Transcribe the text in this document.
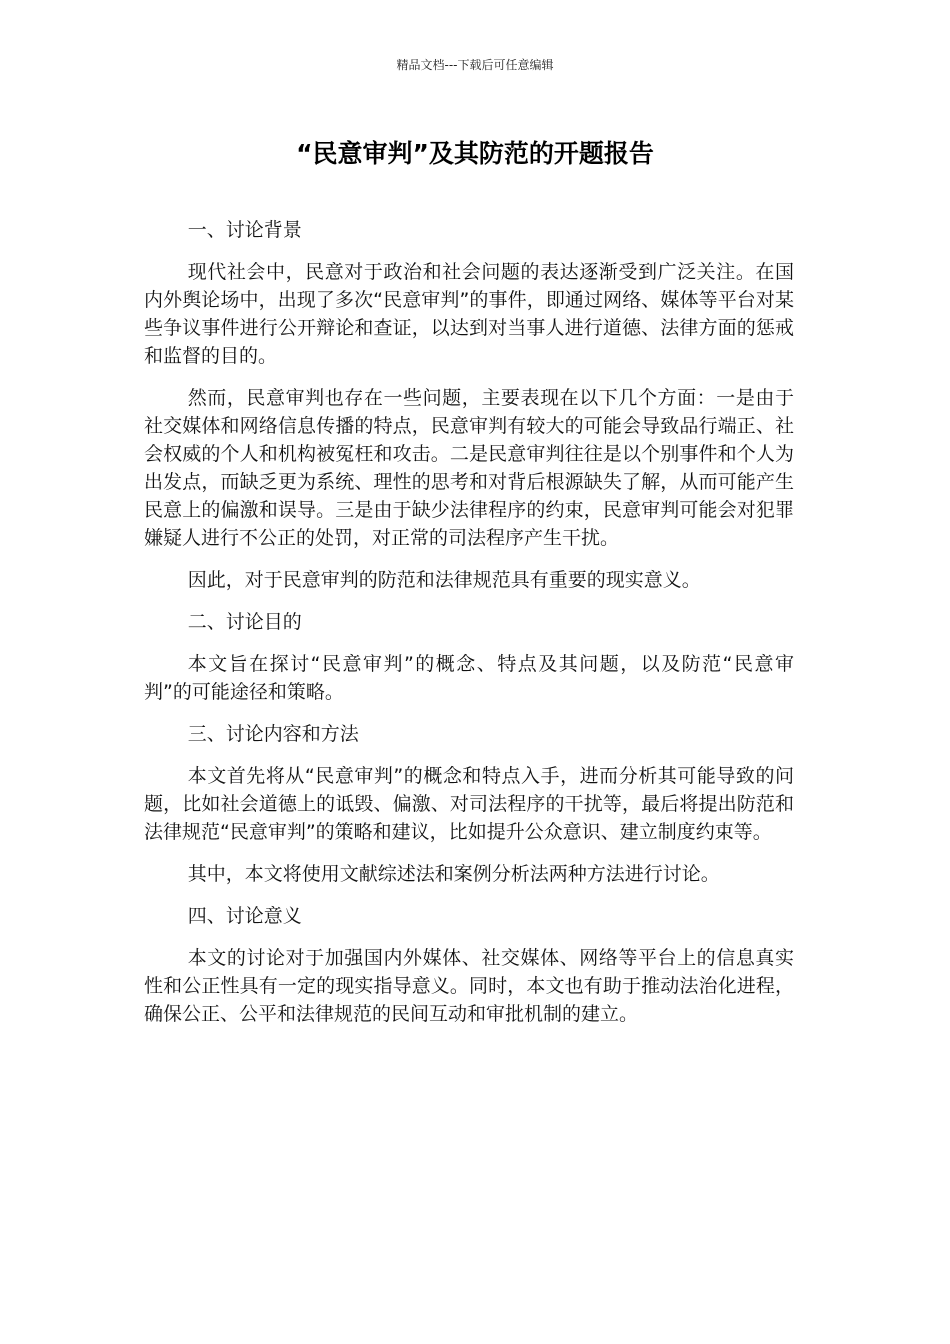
精品文档---下载后可任意编辑
“民意审判”及其防范的开题报告

一、讨论背景

现代社会中，民意对于政治和社会问题的表达逐渐受到广泛关注。在国内外舆论场中，出现了多次“民意审判”的事件，即通过网络、媒体等平台对某些争议事件进行公开辩论和查证，以达到对当事人进行道德、法律方面的惩戒和监督的目的。

然而，民意审判也存在一些问题，主要表现在以下几个方面：一是由于社交媒体和网络信息传播的特点，民意审判有较大的可能会导致品行端正、社会权威的个人和机构被冤枉和攻击。二是民意审判往往是以个别事件和个人为出发点，而缺乏更为系统、理性的思考和对背后根源缺失了解，从而可能产生民意上的偏激和误导。三是由于缺少法律程序的约束，民意审判可能会对犯罪嫌疑人进行不公正的处罚，对正常的司法程序产生干扰。

因此，对于民意审判的防范和法律规范具有重要的现实意义。

二、讨论目的

本文旨在探讨“民意审判”的概念、特点及其问题，以及防范“民意审判”的可能途径和策略。

三、讨论内容和方法

本文首先将从“民意审判”的概念和特点入手，进而分析其可能导致的问题，比如社会道德上的诋毁、偏激、对司法程序的干扰等，最后将提出防范和法律规范“民意审判”的策略和建议，比如提升公众意识、建立制度约束等。

其中，本文将使用文献综述法和案例分析法两种方法进行讨论。

四、讨论意义

本文的讨论对于加强国内外媒体、社交媒体、网络等平台上的信息真实性和公正性具有一定的现实指导意义。同时，本文也有助于推动法治化进程，确保公正、公平和法律规范的民间互动和审批机制的建立。
